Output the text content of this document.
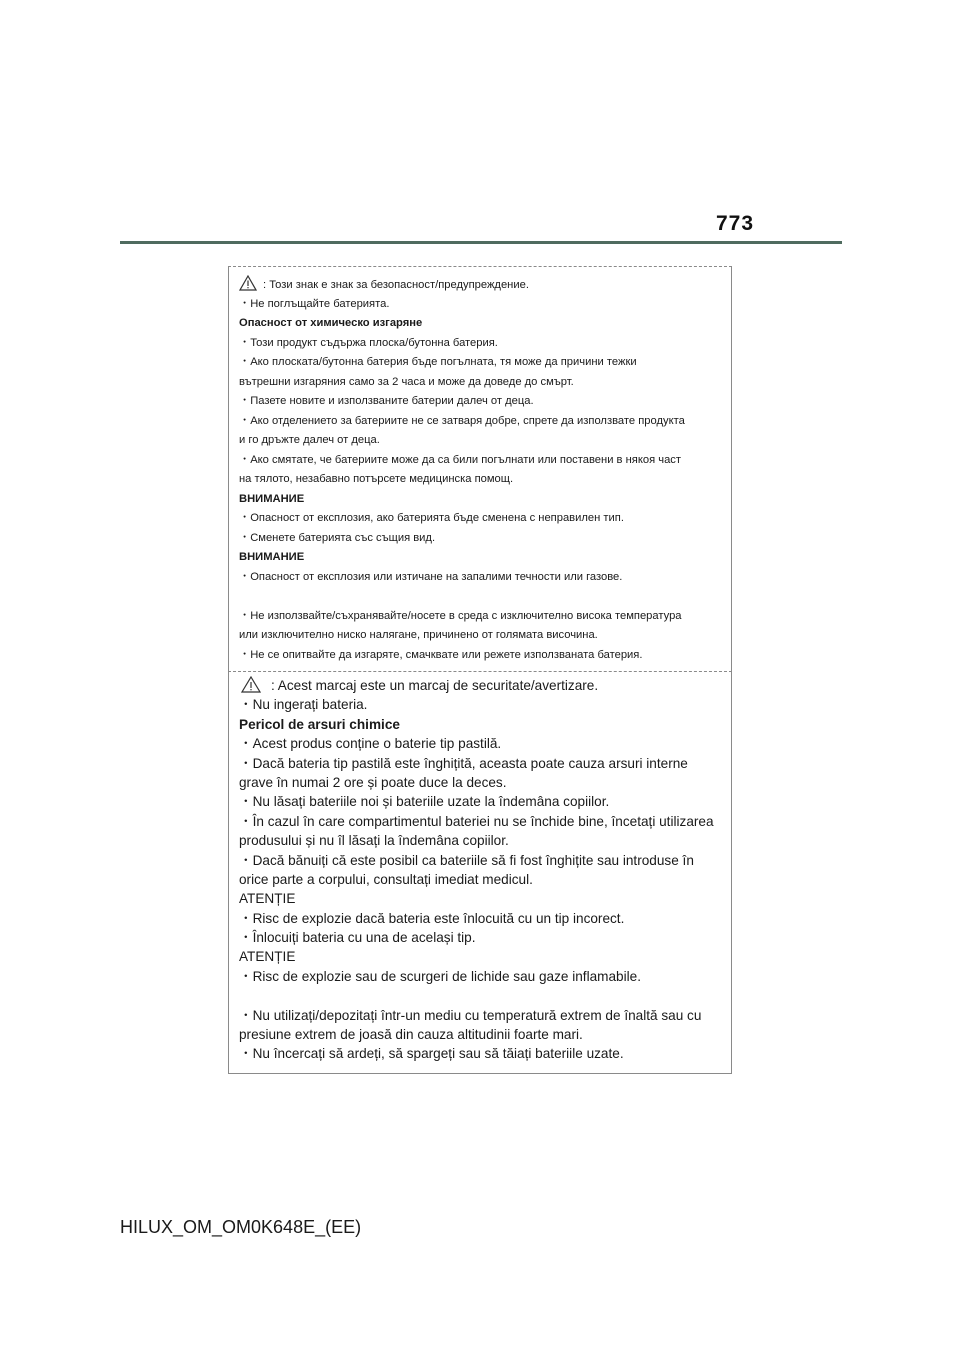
773
: Този знак е знак за безопасност/предупреждение.
・Не поглъщайте батерията.
Опасност от химическо изгаряне
・Този продукт съдържа плоска/бутонна батерия.
・Ако плоската/бутонна батерия бъде погълната, тя може да причини тежки
вътрешни изгаряния само за 2 часа и може да доведе до смърт.
・Пазете новите и използваните батерии далеч от деца.
・Ако отделението за батериите не се затваря добре, спрете да използвате продукта
и го дръжте далеч от деца.
・Ако смятате, че батериите може да са били погълнати или поставени в някоя част
на тялото, незабавно потърсете медицинска помощ.
ВНИМАНИЕ
・Опасност от експлозия, ако батерията бъде сменена с неправилен тип.
・Сменете батерията със същия вид.
ВНИМАНИЕ
・Опасност от експлозия или изтичане на запалими течности или газове.
・Не използвайте/съхранявайте/носете в среда с изключително висока температура
или изключително ниско налягане, причинено от голямата височина.
・Не се опитвайте да изгаряте, смачквате или режете използваната батерия.
: Acest marcaj este un marcaj de securitate/avertizare.
・Nu ingerați bateria.
Pericol de arsuri chimice
・Acest produs conține o baterie tip pastilă.
・Dacă bateria tip pastilă este înghițită, aceasta poate cauza arsuri interne
grave în numai 2 ore și poate duce la deces.
・Nu lăsați bateriile noi și bateriile uzate la îndemâna copiilor.
・În cazul în care compartimentul bateriei nu se închide bine, încetați utilizarea
produsului și nu îl lăsați la îndemâna copiilor.
・Dacă bănuiți că este posibil ca bateriile să fi fost înghițite sau introduse în
orice parte a corpului, consultați imediat medicul.
ATENȚIE
・Risc de explozie dacă bateria este înlocuită cu un tip incorect.
・Înlocuiți bateria cu una de același tip.
ATENȚIE
・Risc de explozie sau de scurgeri de lichide sau gaze inflamabile.
・Nu utilizați/depozitați într-un mediu cu temperatură extrem de înaltă sau cu
presiune extrem de joasă din cauza altitudinii foarte mari.
・Nu încercați să ardeți, să spargeți sau să tăiați bateriile uzate.
HILUX_OM_OM0K648E_(EE)
